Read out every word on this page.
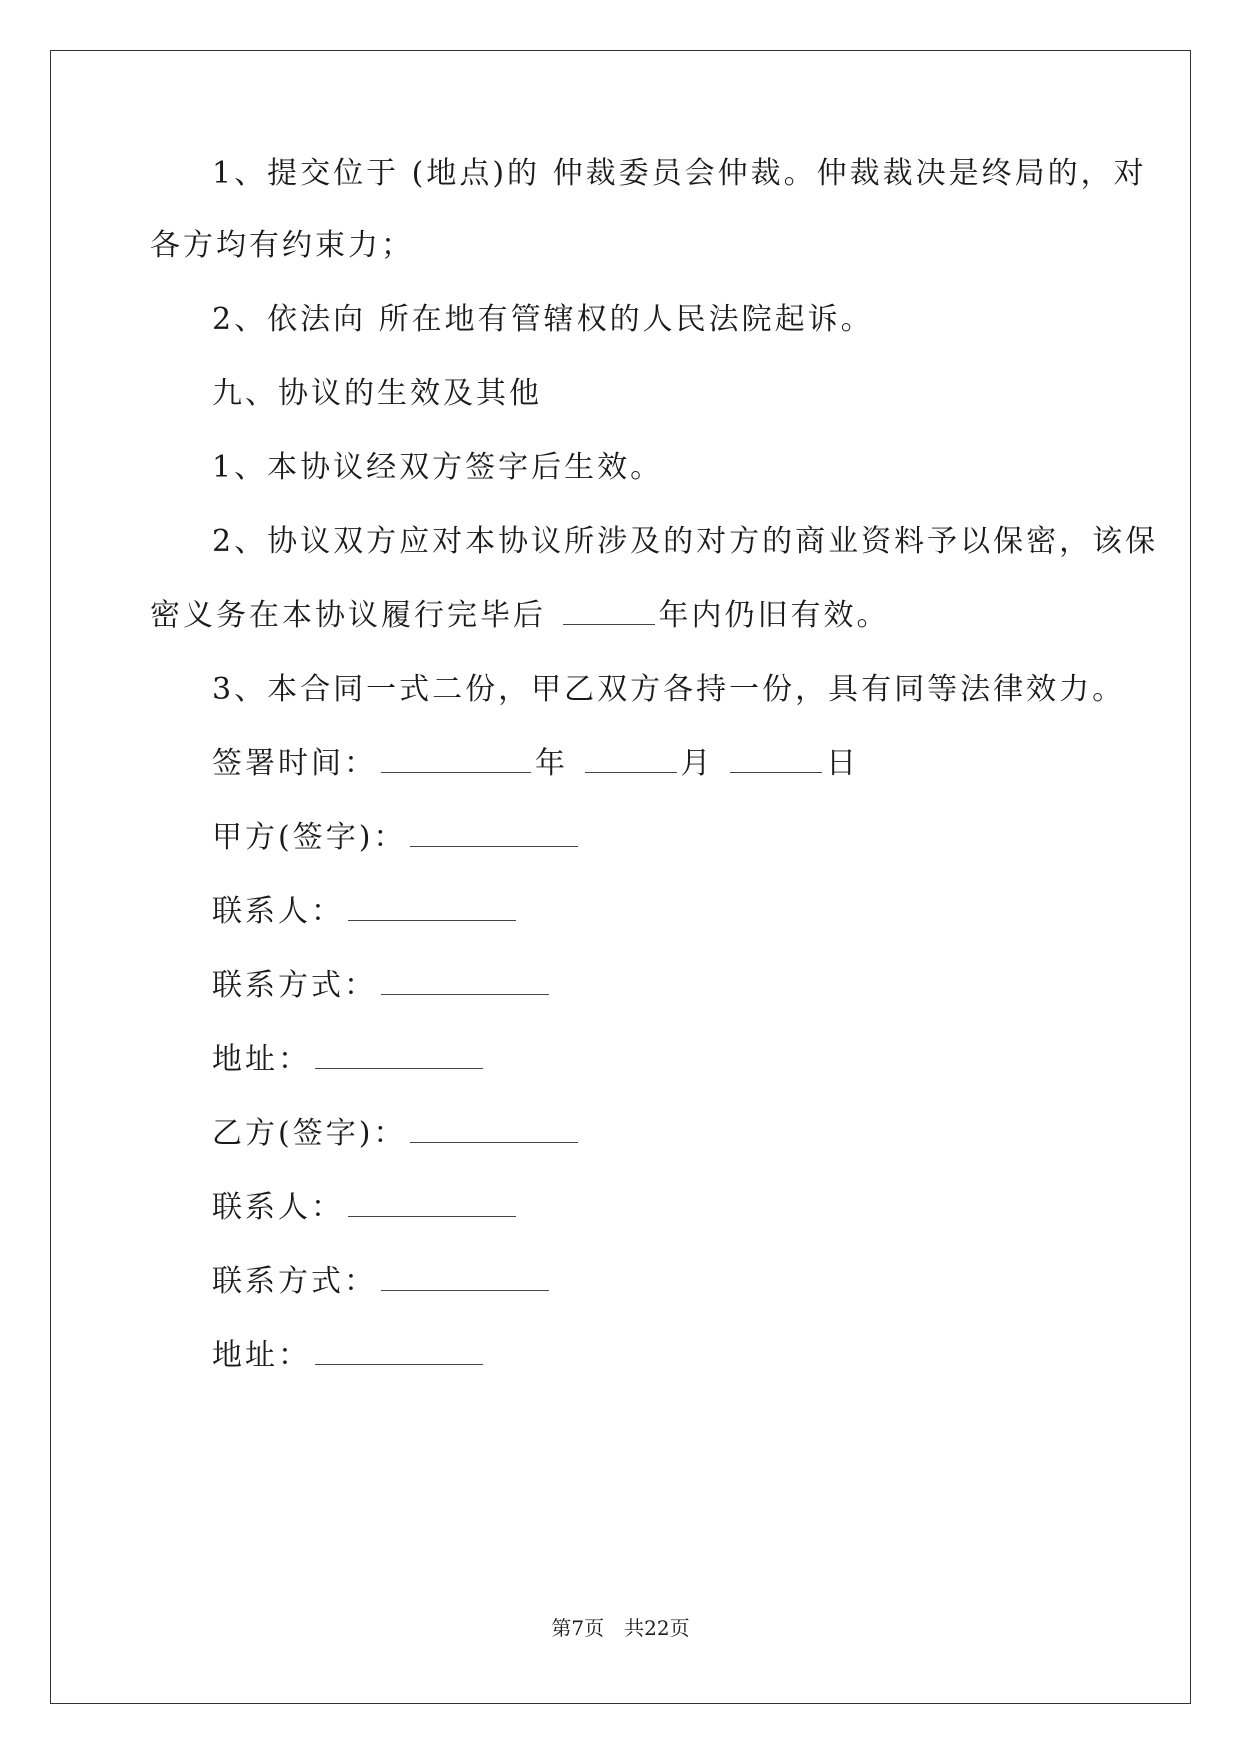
1、提交位于 (地点)的 仲裁委员会仲裁。仲裁裁决是终局的，对
各方均有约束力；
2、依法向 所在地有管辖权的人民法院起诉。
九、协议的生效及其他
1、本协议经双方签字后生效。
2、协议双方应对本协议所涉及的对方的商业资料予以保密，该保
密义务在本协议履行完毕后	年内仍旧有效。
3、本合同一式二份，甲乙双方各持一份，具有同等法律效力。
签署时间：	年	月	日
甲方(签字)：
联系人：
联系方式：
地址：
乙方(签字)：
联系人：
联系方式：
地址：
第7页　共22页
